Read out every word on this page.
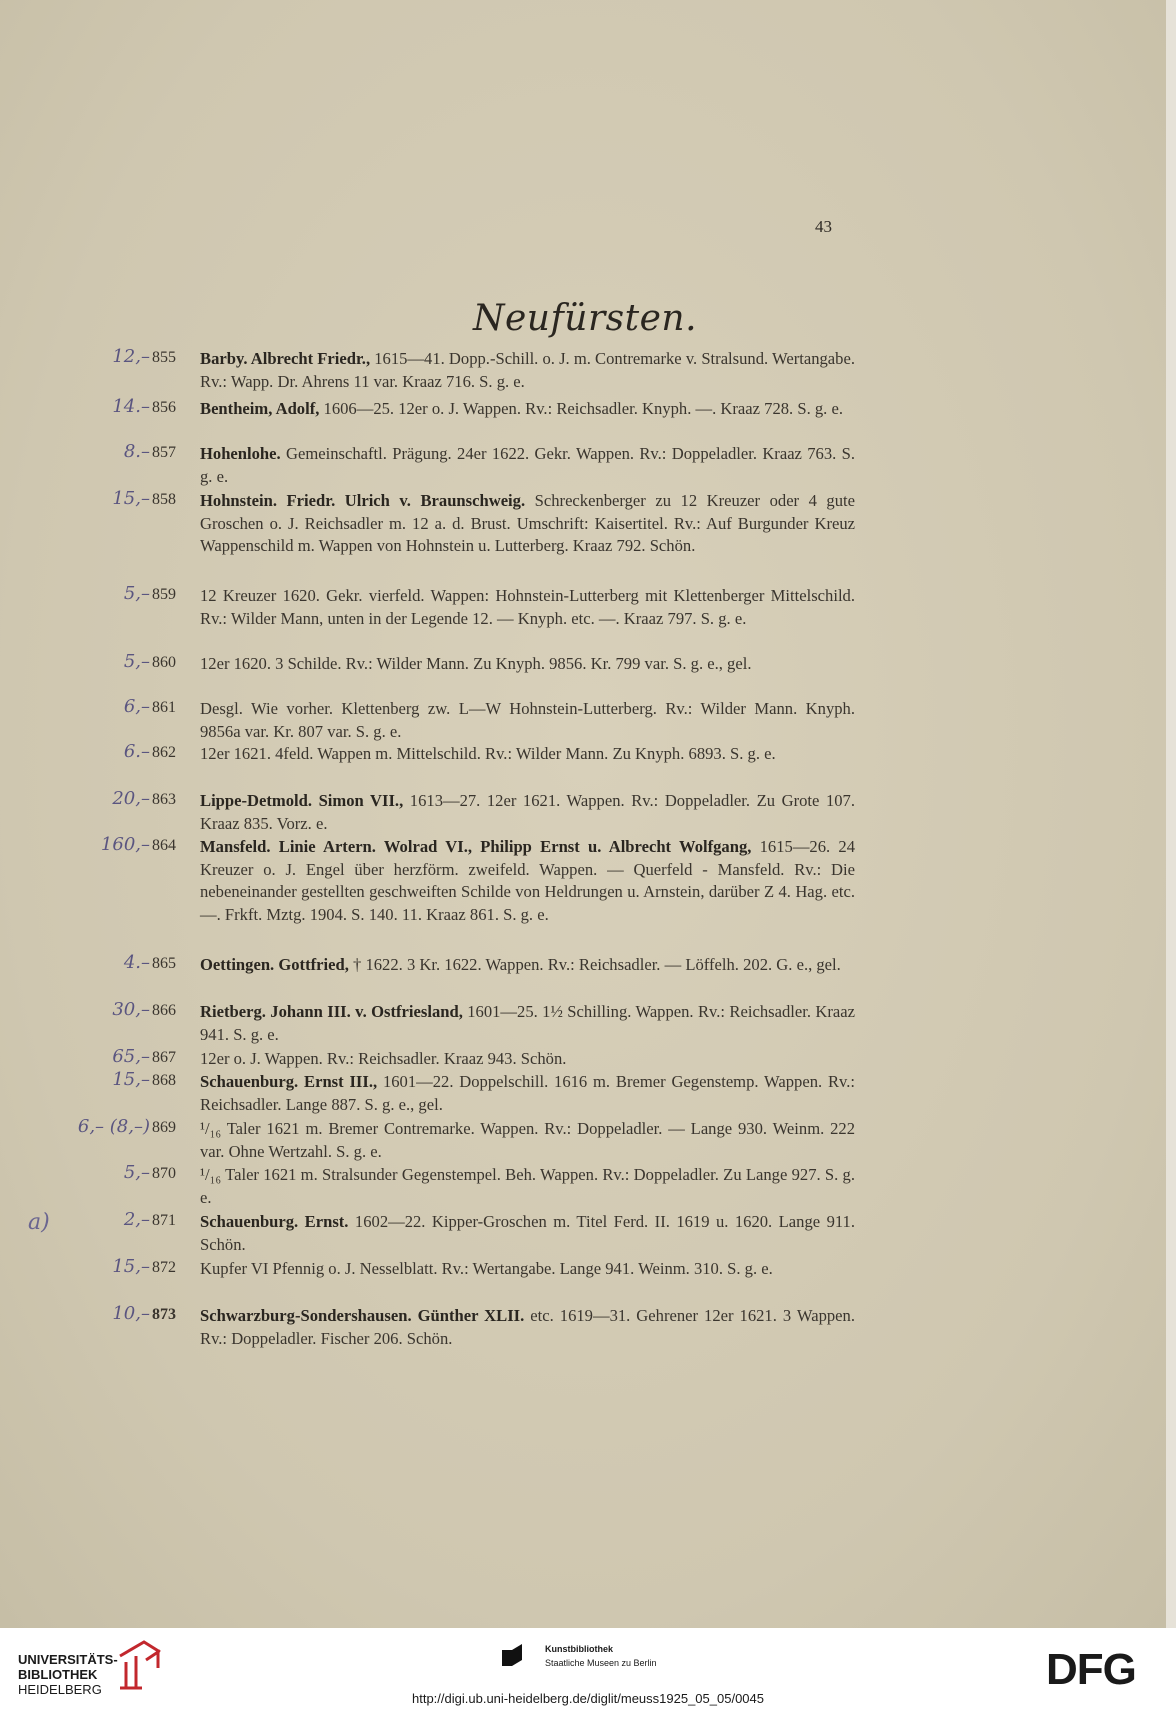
43
Neufürsten.
12,– 855	Barby. Albrecht Friedr., 1615—41. Dopp.-Schill. o. J. m. Contremarke v. Stralsund. Wertangabe. Rv.: Wapp. Dr. Ahrens 11 var. Kraaz 716. S. g. e.
14.– 856	Bentheim, Adolf, 1606—25. 12er o. J. Wappen. Rv.: Reichsadler. Knyph. —. Kraaz 728. S. g. e.
8.– 857	Hohenlohe. Gemeinschaftl. Prägung. 24er 1622. Gekr. Wappen. Rv.: Doppeladler. Kraaz 763. S. g. e.
15,– 858	Hohnstein. Friedr. Ulrich v. Braunschweig. Schreckenberger zu 12 Kreuzer oder 4 gute Groschen o. J. Reichsadler m. 12 a. d. Brust. Umschrift: Kaisertitel. Rv.: Auf Burgunder Kreuz Wappenschild m. Wappen von Hohnstein u. Lutterberg. Kraaz 792. Schön.
5,– 859	12 Kreuzer 1620. Gekr. vierfeld. Wappen: Hohnstein-Lutterberg mit Klettenberger Mittelschild. Rv.: Wilder Mann, unten in der Legende 12. — Knyph. etc. —. Kraaz 797. S. g. e.
5,– 860	12er 1620. 3 Schilde. Rv.: Wilder Mann. Zu Knyph. 9856. Kr. 799 var. S. g. e., gel.
6,– 861	Desgl. Wie vorher. Klettenberg zw. L—W Hohnstein-Lutterberg. Rv.: Wilder Mann. Knyph. 9856a var. Kr. 807 var. S. g. e.
6.– 862	12er 1621. 4feld. Wappen m. Mittelschild. Rv.: Wilder Mann. Zu Knyph. 6893. S. g. e.
20,– 863	Lippe-Detmold. Simon VII., 1613—27. 12er 1621. Wappen. Rv.: Doppeladler. Zu Grote 107. Kraaz 835. Vorz. e.
160,– 864	Mansfeld. Linie Artern. Wolrad VI., Philipp Ernst u. Albrecht Wolfgang, 1615—26. 24 Kreuzer o. J. Engel über herzförm. zweifeld. Wappen. — Querfeld - Mansfeld. Rv.: Die nebeneinander gestellten geschweiften Schilde von Heldrungen u. Arnstein, darüber Z 4. Hag. etc. —. Frkft. Mztg. 1904. S. 140. 11. Kraaz 861. S. g. e.
4.– 865	Oettingen. Gottfried, † 1622. 3 Kr. 1622. Wappen. Rv.: Reichsadler. — Löffelh. 202. G. e., gel.
30,– 866	Rietberg. Johann III. v. Ostfriesland, 1601—25. 1½ Schilling. Wappen. Rv.: Reichsadler. Kraaz 941. S. g. e.
65,– 867	12er o. J. Wappen. Rv.: Reichsadler. Kraaz 943. Schön.
15,– 868	Schauenburg. Ernst III., 1601—22. Doppelschill. 1616 m. Bremer Gegenstemp. Wappen. Rv.: Reichsadler. Lange 887. S. g. e., gel.
6,– (8,–) 869	¹/₁₆ Taler 1621 m. Bremer Contremarke. Wappen. Rv.: Doppeladler. — Lange 930. Weinm. 222 var. Ohne Wertzahl. S. g. e.
5,– 870	¹/₁₆ Taler 1621 m. Stralsunder Gegenstempel. Beh. Wappen. Rv.: Doppeladler. Zu Lange 927. S. g. e.
2,– 871	Schauenburg. Ernst. 1602—22. Kipper-Groschen m. Titel Ferd. II. 1619 u. 1620. Lange 911. Schön.
15,– 872	Kupfer VI Pfennig o. J. Nesselblatt. Rv.: Wertangabe. Lange 941. Weinm. 310. S. g. e.
10,– 873	Schwarzburg-Sondershausen. Günther XLII. etc. 1619—31. Gehrener 12er 1621. 3 Wappen. Rv.: Doppeladler. Fischer 206. Schön.
a)
UNIVERSITÄTS-
BIBLIOTHEK
HEIDELBERG
Kunstbibliothek
Staatliche Museen zu Berlin	DFG
http://digi.ub.uni-heidelberg.de/diglit/meuss1925_05_05/0045
